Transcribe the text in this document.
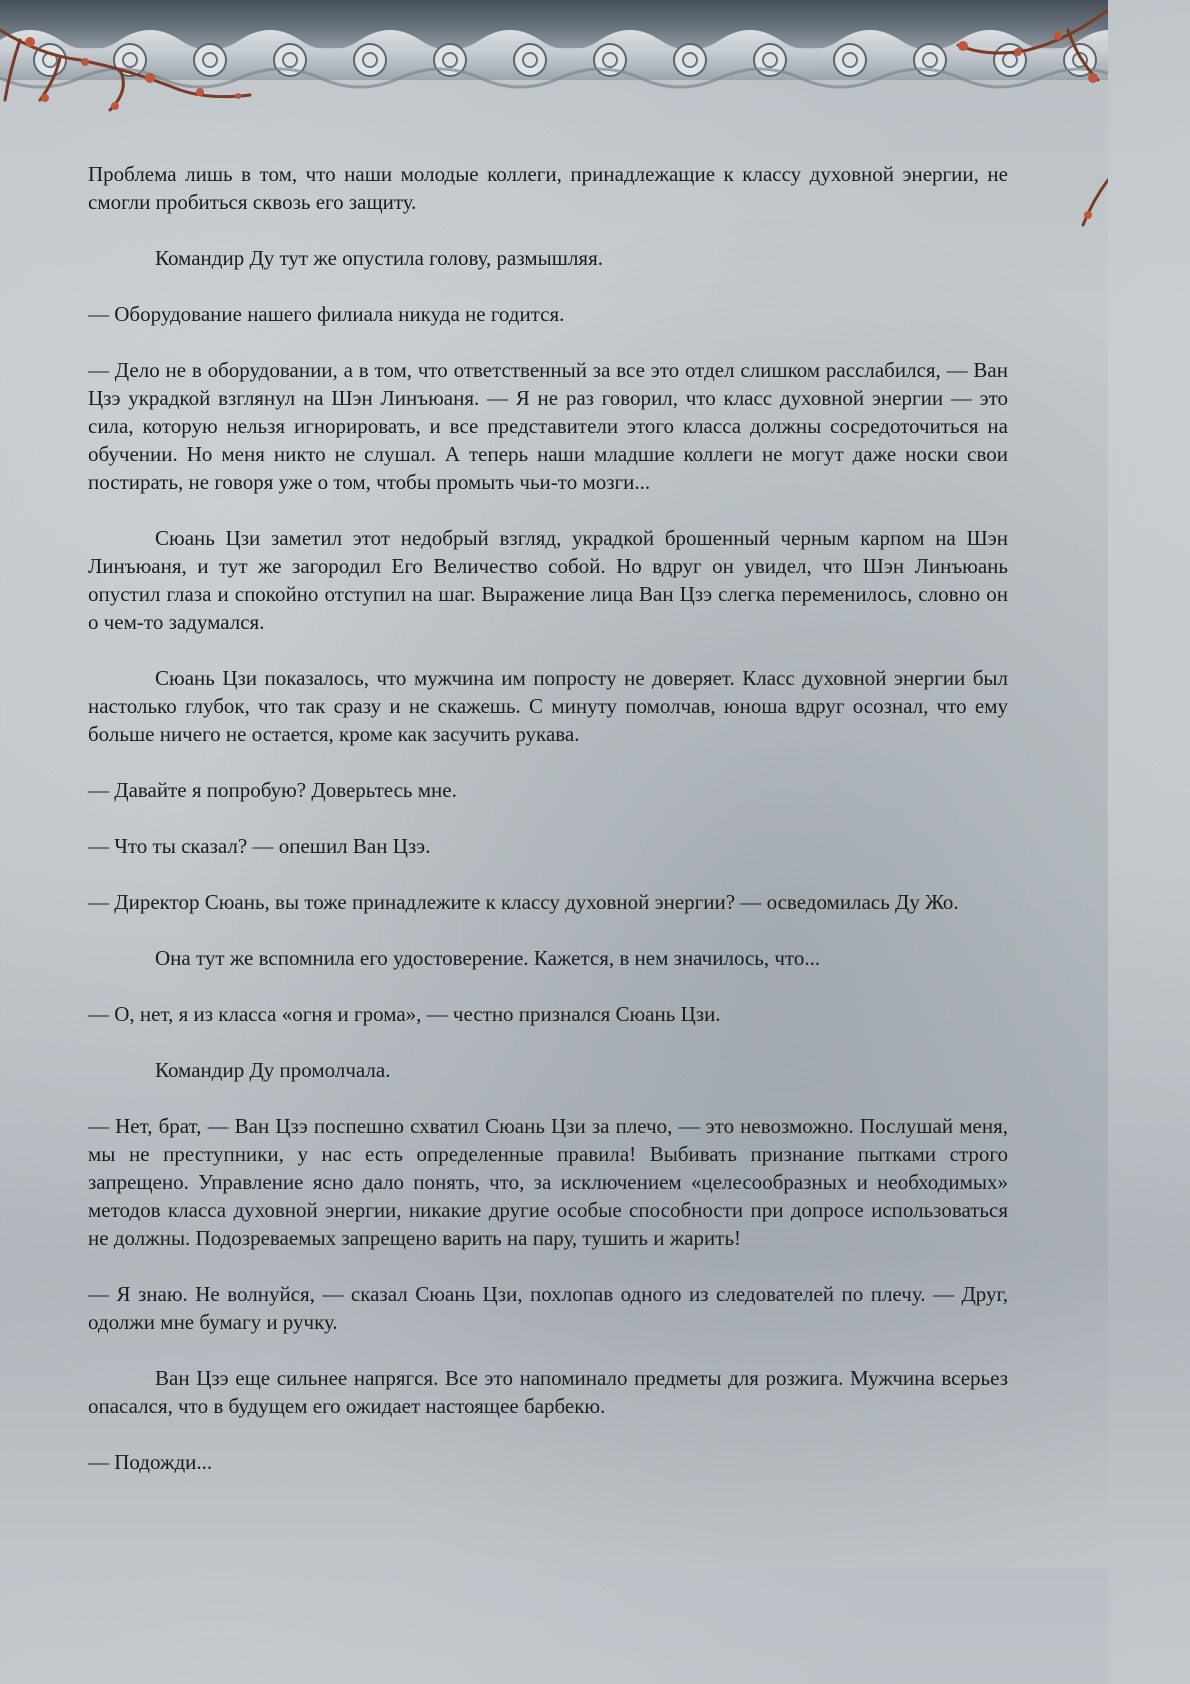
Проблема лишь в том, что наши молодые коллеги, принадлежащие к классу духовной энергии, не смогли пробиться сквозь его защиту.

Командир Ду тут же опустила голову, размышляя.

— Оборудование нашего филиала никуда не годится.

— Дело не в оборудовании, а в том, что ответственный за все это отдел слишком расслабился, — Ван Цзэ украдкой взглянул на Шэн Линъюаня. — Я не раз говорил, что класс духовной энергии — это сила, которую нельзя игнорировать, и все представители этого класса должны сосредоточиться на обучении. Но меня никто не слушал. А теперь наши младшие коллеги не могут даже носки свои постирать, не говоря уже о том, чтобы промыть чьи-то мозги...

Сюань Цзи заметил этот недобрый взгляд, украдкой брошенный черным карпом на Шэн Линъюаня, и тут же загородил Его Величество собой. Но вдруг он увидел, что Шэн Линъюань опустил глаза и спокойно отступил на шаг. Выражение лица Ван Цзэ слегка переменилось, словно он о чем-то задумался.

Сюань Цзи показалось, что мужчина им попросту не доверяет. Класс духовной энергии был настолько глубок, что так сразу и не скажешь. С минуту помолчав, юноша вдруг осознал, что ему больше ничего не остается, кроме как засучить рукава.

— Давайте я попробую? Доверьтесь мне.

— Что ты сказал? — опешил Ван Цзэ.

— Директор Сюань, вы тоже принадлежите к классу духовной энергии? — осведомилась Ду Жо.

Она тут же вспомнила его удостоверение. Кажется, в нем значилось, что...

— О, нет, я из класса «огня и грома», — честно признался Сюань Цзи.

Командир Ду промолчала.

— Нет, брат, — Ван Цзэ поспешно схватил Сюань Цзи за плечо, — это невозможно. Послушай меня, мы не преступники, у нас есть определенные правила! Выбивать признание пытками строго запрещено. Управление ясно дало понять, что, за исключением «целесообразных и необходимых» методов класса духовной энергии, никакие другие особые способности при допросе использоваться не должны. Подозреваемых запрещено варить на пару, тушить и жарить!

— Я знаю. Не волнуйся, — сказал Сюань Цзи, похлопав одного из следователей по плечу. — Друг, одолжи мне бумагу и ручку.

Ван Цзэ еще сильнее напрягся. Все это напоминало предметы для розжига. Мужчина всерьез опасался, что в будущем его ожидает настоящее барбекю.

— Подожди...
